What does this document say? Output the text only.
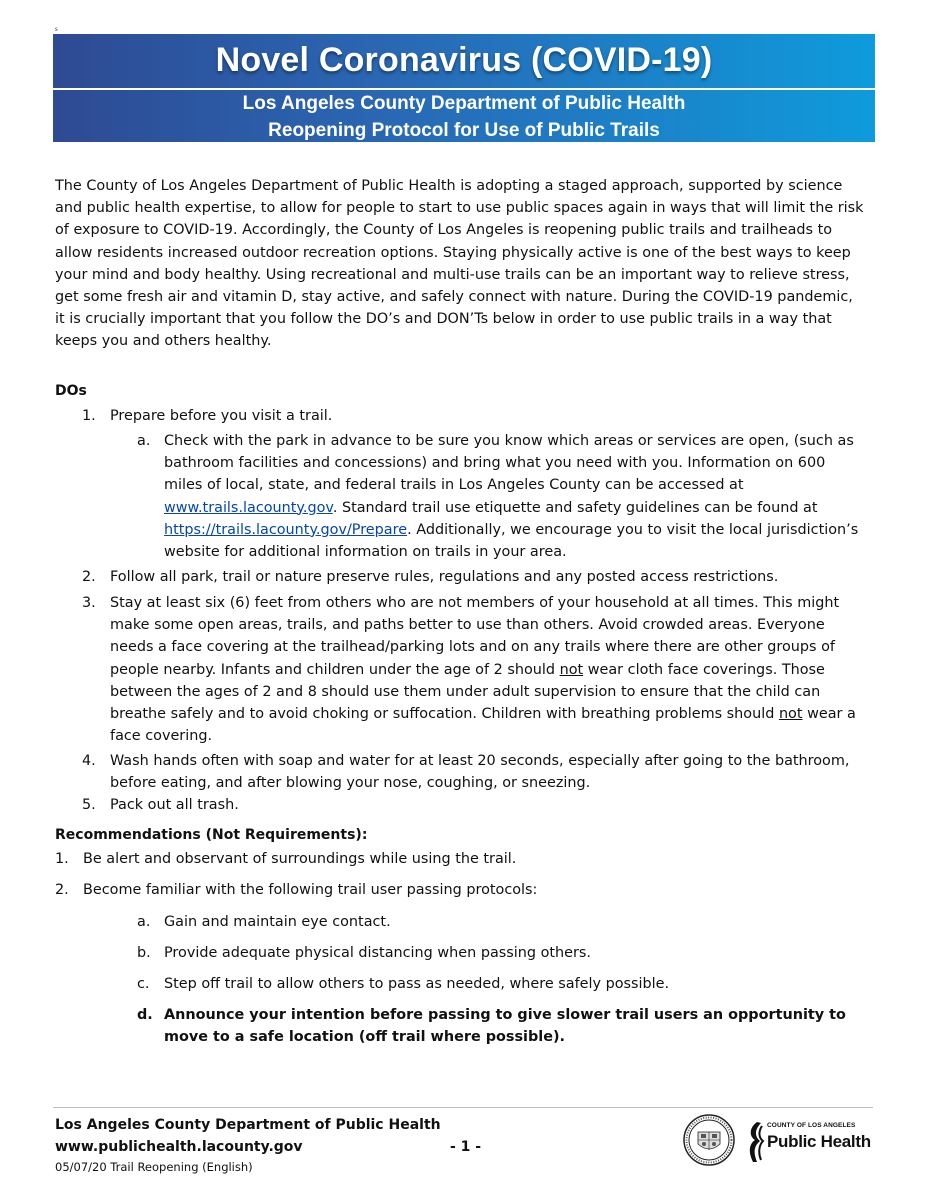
s
Novel Coronavirus (COVID-19)
Los Angeles County Department of Public Health
Reopening Protocol for Use of Public Trails
The County of Los Angeles Department of Public Health is adopting a staged approach, supported by science and public health expertise, to allow for people to start to use public spaces again in ways that will limit the risk of exposure to COVID-19. Accordingly, the County of Los Angeles is reopening public trails and trailheads to allow residents increased outdoor recreation options. Staying physically active is one of the best ways to keep your mind and body healthy. Using recreational and multi-use trails can be an important way to relieve stress, get some fresh air and vitamin D, stay active, and safely connect with nature. During the COVID-19 pandemic, it is crucially important that you follow the DO’s and DON’Ts below in order to use public trails in a way that keeps you and others healthy.
DOs
1. Prepare before you visit a trail.
a. Check with the park in advance to be sure you know which areas or services are open, (such as bathroom facilities and concessions) and bring what you need with you. Information on 600 miles of local, state, and federal trails in Los Angeles County can be accessed at www.trails.lacounty.gov. Standard trail use etiquette and safety guidelines can be found at https://trails.lacounty.gov/Prepare. Additionally, we encourage you to visit the local jurisdiction’s website for additional information on trails in your area.
2. Follow all park, trail or nature preserve rules, regulations and any posted access restrictions.
3. Stay at least six (6) feet from others who are not members of your household at all times. This might make some open areas, trails, and paths better to use than others. Avoid crowded areas. Everyone needs a face covering at the trailhead/parking lots and on any trails where there are other groups of people nearby. Infants and children under the age of 2 should not wear cloth face coverings. Those between the ages of 2 and 8 should use them under adult supervision to ensure that the child can breathe safely and to avoid choking or suffocation. Children with breathing problems should not wear a face covering.
4. Wash hands often with soap and water for at least 20 seconds, especially after going to the bathroom, before eating, and after blowing your nose, coughing, or sneezing.
5. Pack out all trash.
Recommendations (Not Requirements):
1. Be alert and observant of surroundings while using the trail.
2. Become familiar with the following trail user passing protocols:
a. Gain and maintain eye contact.
b. Provide adequate physical distancing when passing others.
c. Step off trail to allow others to pass as needed, where safely possible.
d. Announce your intention before passing to give slower trail users an opportunity to move to a safe location (off trail where possible).
Los Angeles County Department of Public Health
www.publichealth.lacounty.gov
05/07/20 Trail Reopening (English)
- 1 -
COUNTY OF LOS ANGELES
Public Health
